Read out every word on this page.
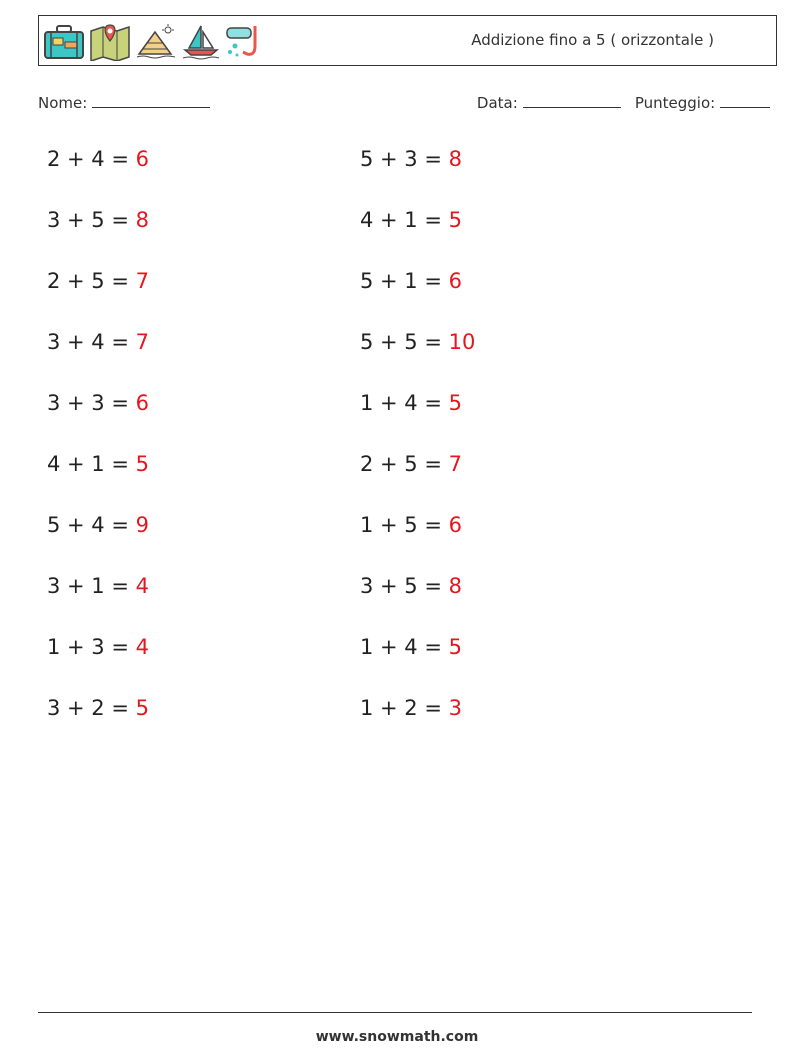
Addizione fino a 5 ( orizzontale )
Nome:	Data:	Punteggio:
2 + 4 = 6	5 + 3 = 8
3 + 5 = 8	4 + 1 = 5
2 + 5 = 7	5 + 1 = 6
3 + 4 = 7	5 + 5 = 10
3 + 3 = 6	1 + 4 = 5
4 + 1 = 5	2 + 5 = 7
5 + 4 = 9	1 + 5 = 6
3 + 1 = 4	3 + 5 = 8
1 + 3 = 4	1 + 4 = 5
3 + 2 = 5	1 + 2 = 3
www.snowmath.com
